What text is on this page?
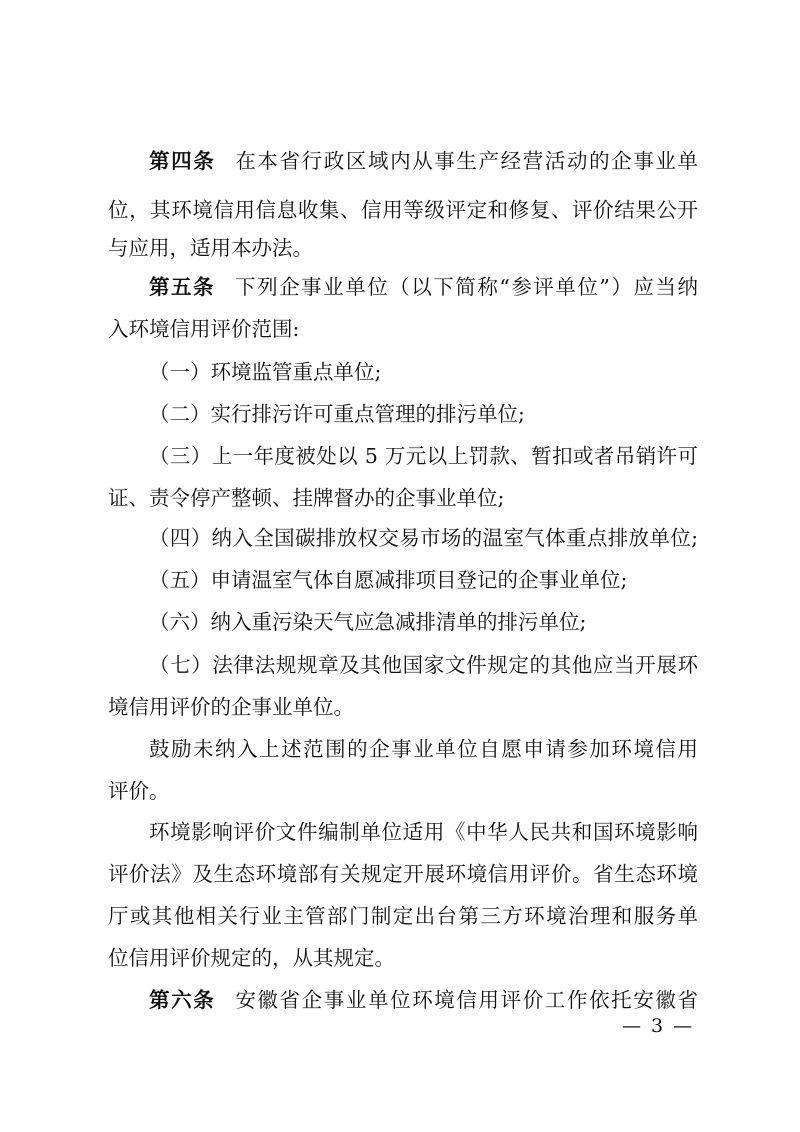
第四条 在本省行政区域内从事生产经营活动的企事业单
位，其环境信用信息收集、信用等级评定和修复、评价结果公开
与应用，适用本办法。
第五条 下列企事业单位（以下简称“参评单位”）应当纳
入环境信用评价范围:
（一）环境监管重点单位;
（二）实行排污许可重点管理的排污单位;
（三）上一年度被处以 5 万元以上罚款、暂扣或者吊销许可
证、责令停产整顿、挂牌督办的企事业单位;
（四）纳入全国碳排放权交易市场的温室气体重点排放单位;
（五）申请温室气体自愿减排项目登记的企事业单位;
（六）纳入重污染天气应急减排清单的排污单位;
（七）法律法规规章及其他国家文件规定的其他应当开展环
境信用评价的企事业单位。
鼓励未纳入上述范围的企事业单位自愿申请参加环境信用
评价。
环境影响评价文件编制单位适用《中华人民共和国环境影响
评价法》及生态环境部有关规定开展环境信用评价。省生态环境
厅或其他相关行业主管部门制定出台第三方环境治理和服务单
位信用评价规定的，从其规定。
第六条 安徽省企事业单位环境信用评价工作依托安徽省
— 3 —
